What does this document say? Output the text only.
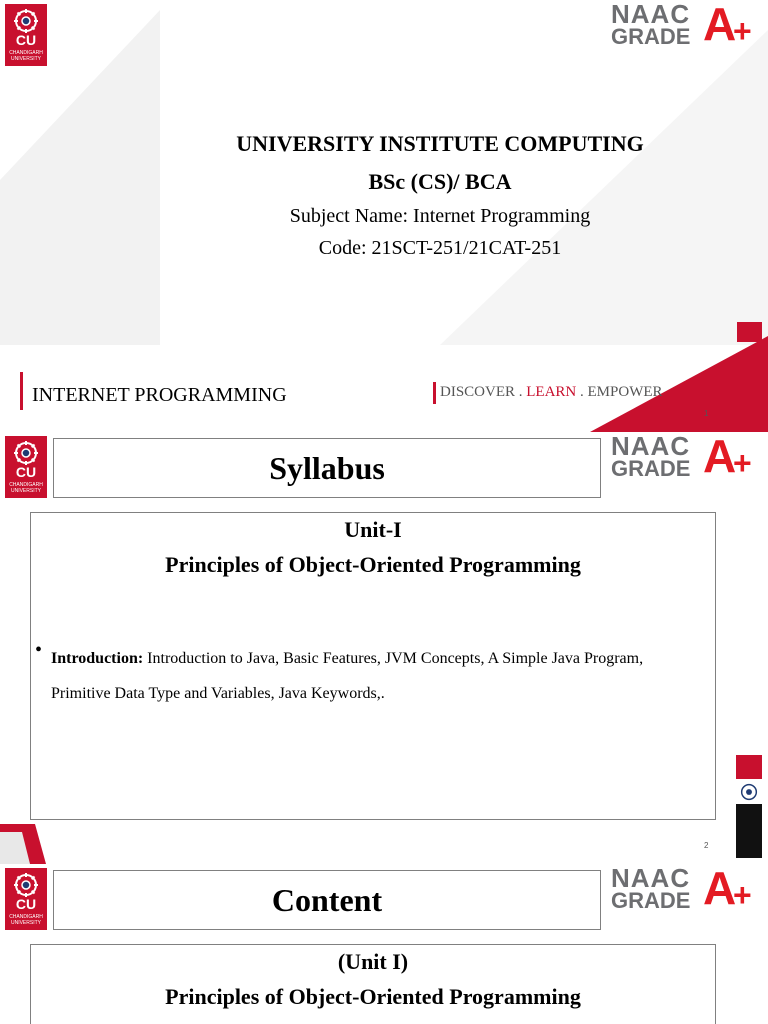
CU
CHANDIGARH UNIVERSITY
NAAC
GRADE A
+
UNIVERSITY INSTITUTE COMPUTING
BSc (CS)/ BCA
Subject Name: Internet Programming
Code: 21SCT-251/21CAT-251
INTERNET PROGRAMMING	DISCOVER . LEARN . EMPOWER
1
CU
CHANDIGARH UNIVERSITY
Syllabus
NAAC
GRADE A
+
Unit-I
Principles of Object-Oriented Programming
• Introduction: Introduction to Java, Basic Features, JVM Concepts, A Simple Java Program, Primitive Data Type and Variables, Java Keywords,.
2
CU
CHANDIGARH UNIVERSITY
Content
NAAC
GRADE A
+
(Unit I)
Principles of Object-Oriented Programming
